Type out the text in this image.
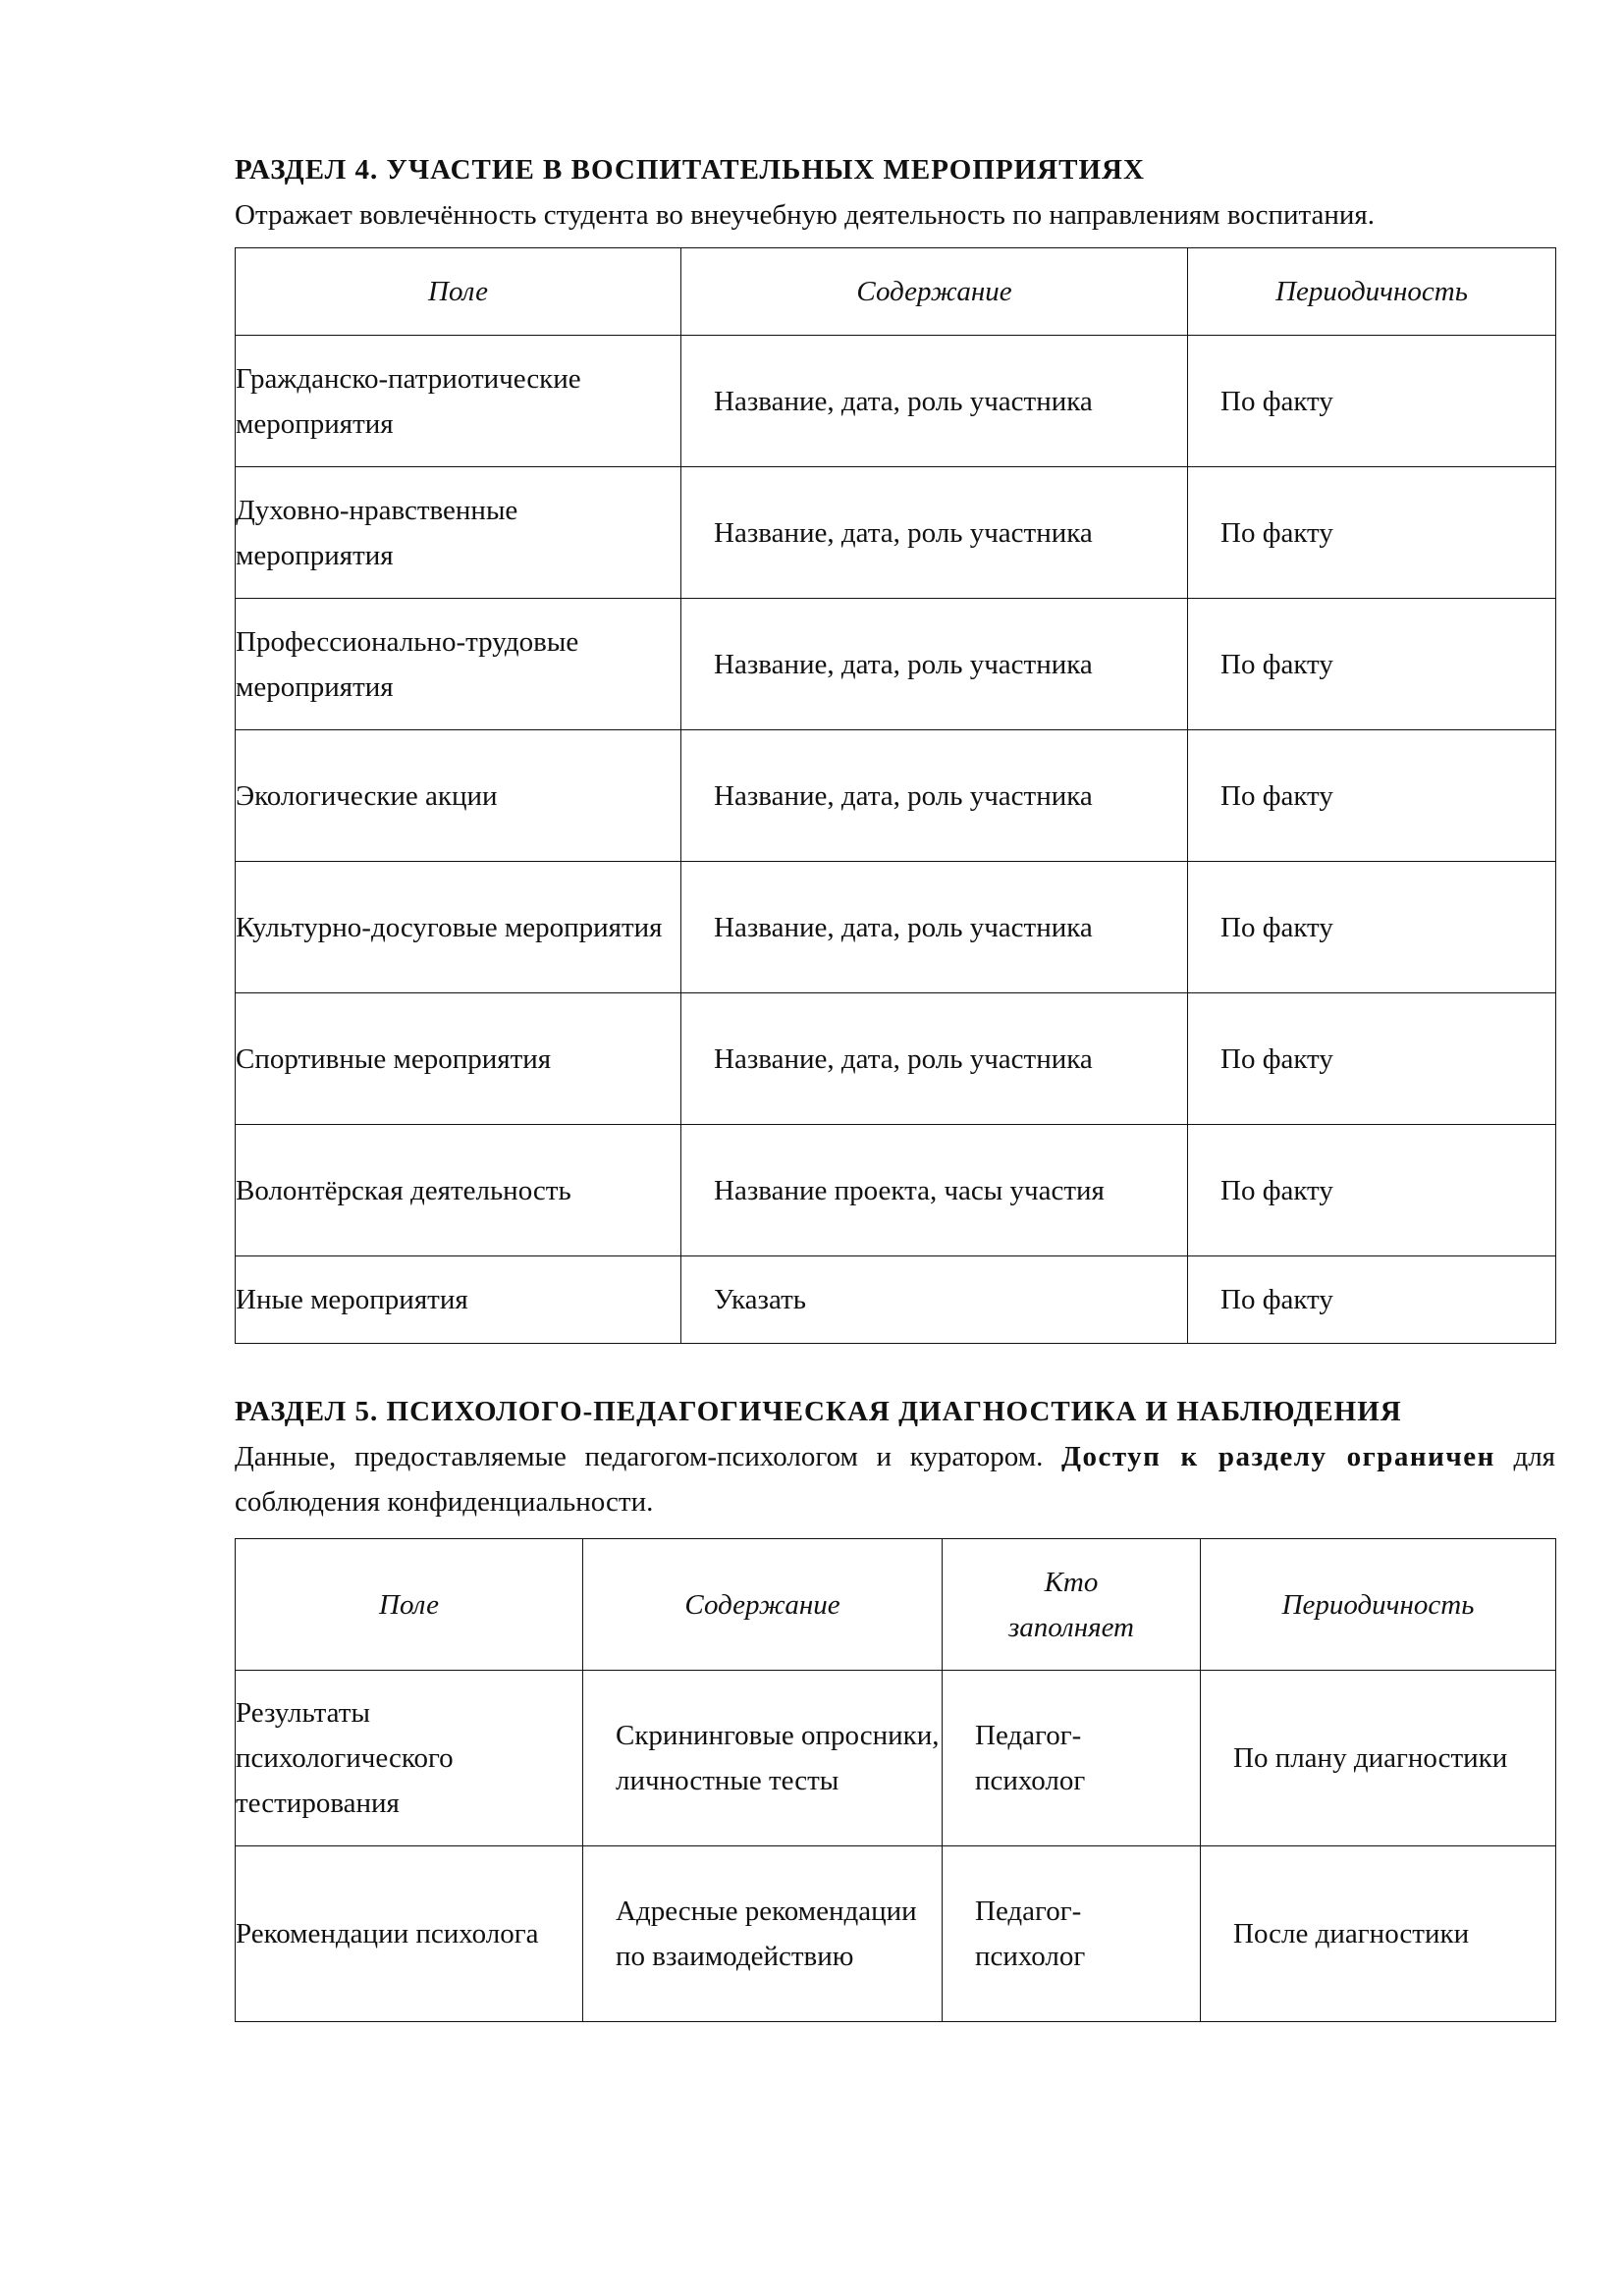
РАЗДЕЛ 4. УЧАСТИЕ В ВОСПИТАТЕЛЬНЫХ МЕРОПРИЯТИЯХ

Отражает вовлечённость студента во внеучебную деятельность по направлениям воспитания.

Поле	Содержание	Периодичность
Гражданско-патриотические мероприятия	Название, дата, роль участника	По факту
Духовно-нравственные мероприятия	Название, дата, роль участника	По факту
Профессионально-трудовые мероприятия	Название, дата, роль участника	По факту
Экологические акции	Название, дата, роль участника	По факту
Культурно-досуговые мероприятия	Название, дата, роль участника	По факту
Спортивные мероприятия	Название, дата, роль участника	По факту
Волонтёрская деятельность	Название проекта, часы участия	По факту
Иные мероприятия	Указать	По факту
РАЗДЕЛ 5. ПСИХОЛОГО-ПЕДАГОГИЧЕСКАЯ ДИАГНОСТИКА И НАБЛЮДЕНИЯ

Данные, предоставляемые педагогом-психологом и куратором. Доступ к разделу ограничен для соблюдения конфиденциальности.

Поле	Содержание	Кто заполняет	Периодичность
Результаты психологического тестирования	Скрининговые опросники, личностные тесты	Педагог-психолог	По плану диагностики
Рекомендации психолога	Адресные рекомендации по взаимодействию	Педагог-психолог	После диагностики
